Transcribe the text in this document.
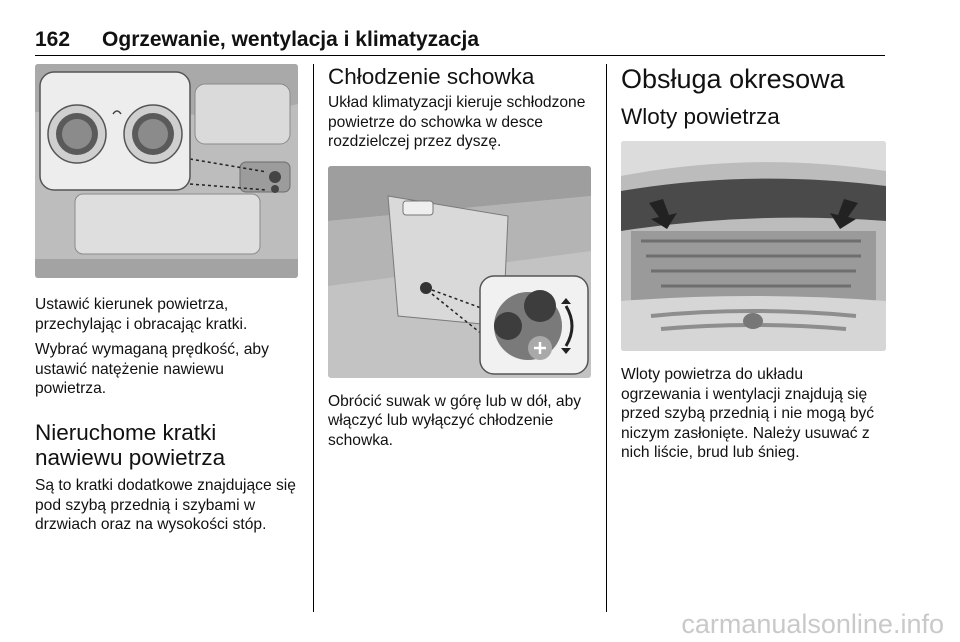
162 Ogrzewanie, wentylacja i klimatyzacja

Ustawić kierunek powietrza, przechylając i obracając kratki.

Wybrać wymaganą prędkość, aby ustawić natężenie nawiewu powietrza.

Nieruchome kratki nawiewu powietrza

Są to kratki dodatkowe znajdujące się pod szybą przednią i szybami w drzwiach oraz na wysokości stóp.

Chłodzenie schowka

Układ klimatyzacji kieruje schłodzone powietrze do schowka w desce rozdzielczej przez dyszę.

Obrócić suwak w górę lub w dół, aby włączyć lub wyłączyć chłodzenie schowka.

Obsługa okresowa
Wloty powietrza

Wloty powietrza do układu ogrzewania i wentylacji znajdują się przed szybą przednią i nie mogą być niczym zasłonięte. Należy usuwać z nich liście, brud lub śnieg.

carmanualsonline.info
